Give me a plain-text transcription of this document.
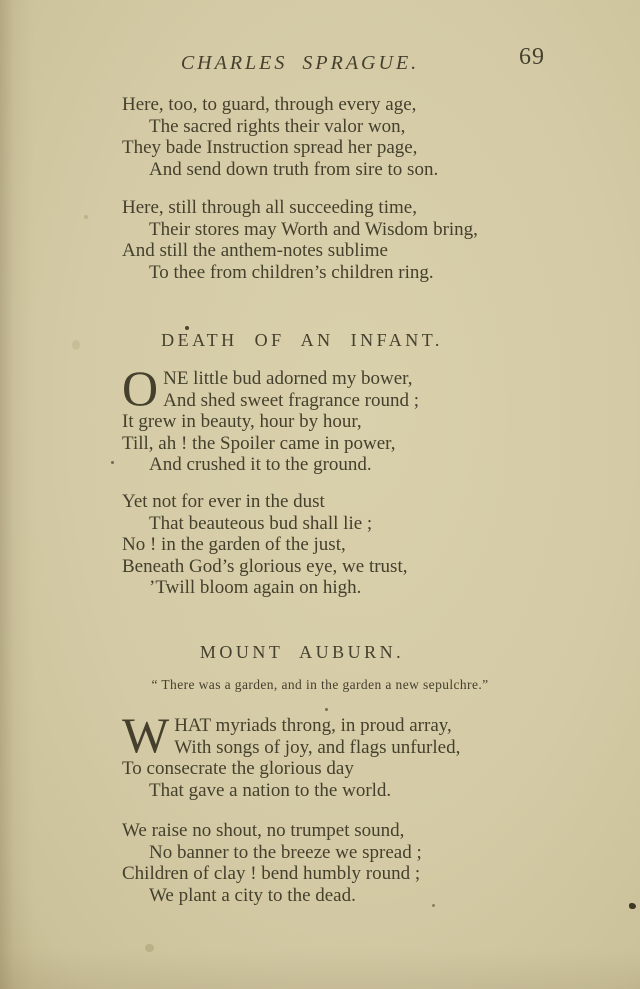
CHARLES SPRAGUE.	69
Here, too, to guard, through every age,
The sacred rights their valor won,
They bade Instruction spread her page,
And send down truth from sire to son.
Here, still through all succeeding time,
Their stores may Worth and Wisdom bring,
And still the anthem-notes sublime
To thee from children’s children ring.
DEATH OF AN INFANT.
O NE little bud adorned my bower,
And shed sweet fragrance round ;
It grew in beauty, hour by hour,
Till, ah ! the Spoiler came in power,
And crushed it to the ground.
Yet not for ever in the dust
That beauteous bud shall lie ;
No ! in the garden of the just,
Beneath God’s glorious eye, we trust,
’Twill bloom again on high.
MOUNT AUBURN.
“ There was a garden, and in the garden a new sepulchre.”
W HAT myriads throng, in proud array,
With songs of joy, and flags unfurled,
To consecrate the glorious day
That gave a nation to the world.
We raise no shout, no trumpet sound,
No banner to the breeze we spread ;
Children of clay ! bend humbly round ;
We plant a city to the dead.
